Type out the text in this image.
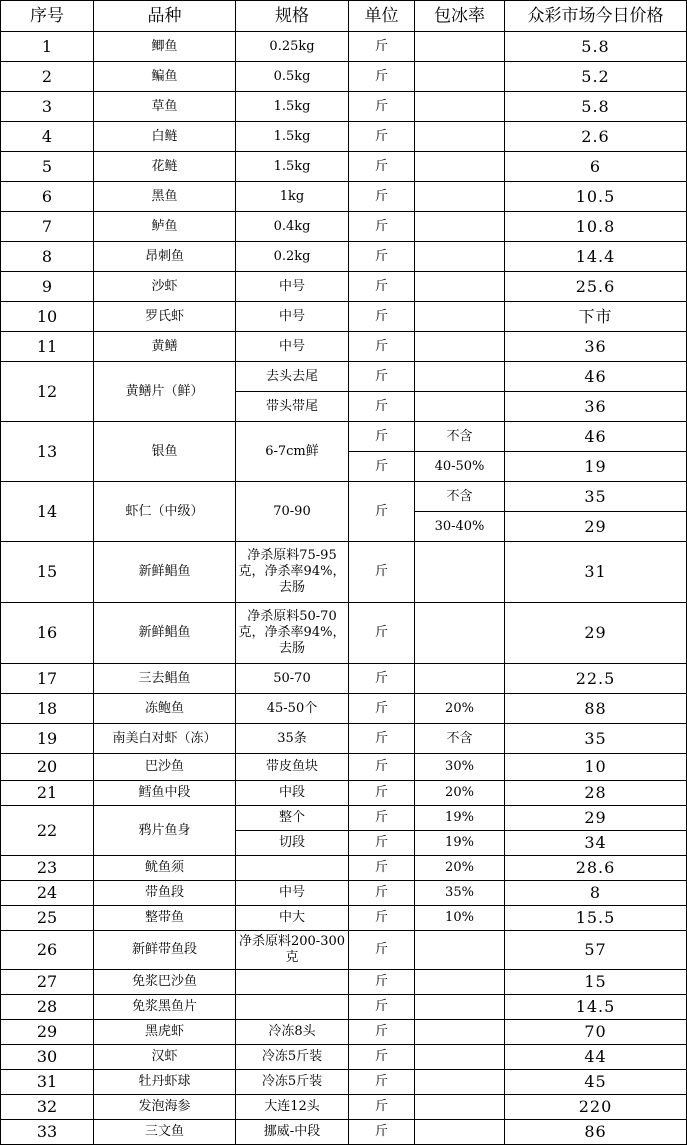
序号	品种	规格	单位	包冰率	众彩市场今日价格
1	鲫鱼	0.25kg	斤		5.8
2	鳊鱼	0.5kg	斤		5.2
3	草鱼	1.5kg	斤		5.8
4	白鲢	1.5kg	斤		2.6
5	花鲢	1.5kg	斤		6
6	黑鱼	1kg	斤		10.5
7	鲈鱼	0.4kg	斤		10.8
8	昂刺鱼	0.2kg	斤		14.4
9	沙虾	中号	斤		25.6
10	罗氏虾	中号	斤		下市
11	黄鳝	中号	斤		36
12	黄鳝片（鲜）	去头去尾	斤		46
		带头带尾	斤		36
13	银鱼	6-7cm鲜	斤	不含	46
			斤	40-50%	19
14	虾仁（中级）	70-90	斤	不含	35
				30-40%	29
15	新鲜鲳鱼	净杀原料75-95克，净杀率94%，去肠	斤		31
16	新鲜鲳鱼	净杀原料50-70克，净杀率94%，去肠	斤		29
17	三去鲳鱼	50-70	斤		22.5
18	冻鲍鱼	45-50个	斤	20%	88
19	南美白对虾（冻）	35条	斤	不含	35
20	巴沙鱼	带皮鱼块	斤	30%	10
21	鳕鱼中段	中段	斤	20%	28
22	鸦片鱼身	整个	斤	19%	29
		切段	斤	19%	34
23	鱿鱼须		斤	20%	28.6
24	带鱼段	中号	斤	35%	8
25	整带鱼	中大	斤	10%	15.5
26	新鲜带鱼段	净杀原料200-300克	斤		57
27	免浆巴沙鱼		斤		15
28	免浆黑鱼片		斤		14.5
29	黑虎虾	冷冻8头	斤		70
30	汉虾	冷冻5斤装	斤		44
31	牡丹虾球	冷冻5斤装	斤		45
32	发泡海参	大连12头	斤		220
33	三文鱼	挪威-中段	斤		86
